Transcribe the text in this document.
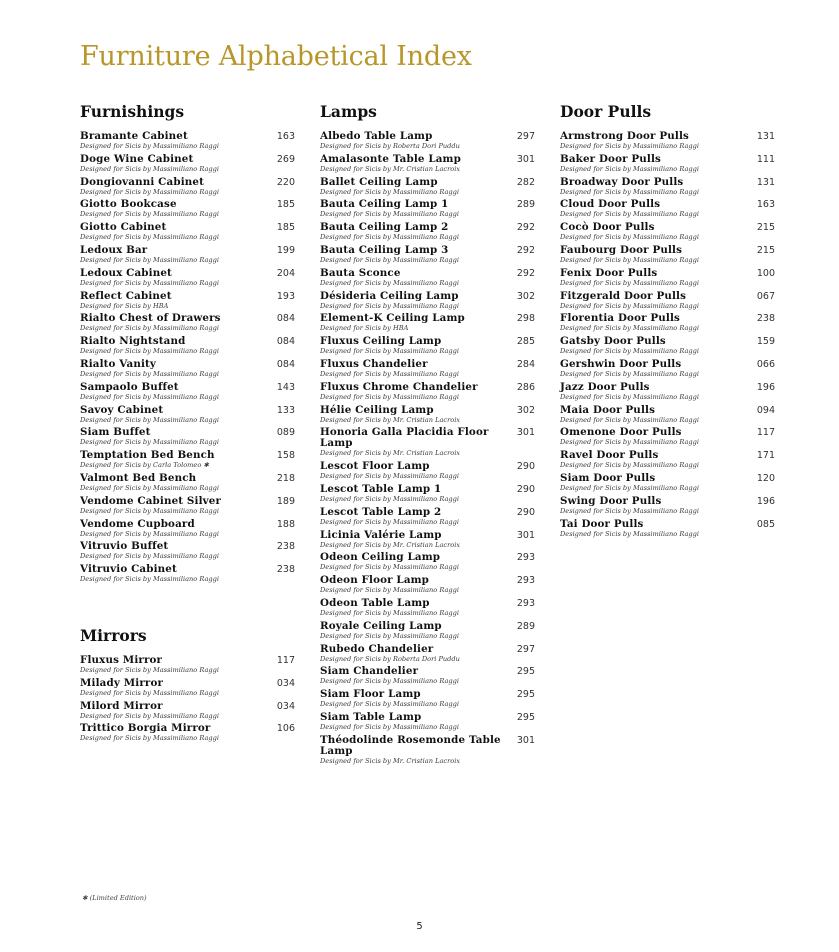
Furniture Alphabetical Index
Furnishings
Bramante Cabinet
Designed for Sicis by Massimiliano Raggi
163
Doge Wine Cabinet
Designed for Sicis by Massimiliano Raggi
269
Dongiovanni Cabinet
Designed for Sicis by Massimiliano Raggi
220
Giotto Bookcase
Designed for Sicis by Massimiliano Raggi
185
Giotto Cabinet
Designed for Sicis by Massimiliano Raggi
185
Ledoux Bar
Designed for Sicis by Massimiliano Raggi
199
Ledoux Cabinet
Designed for Sicis by Massimiliano Raggi
204
Reflect Cabinet
Designed for Sicis by HBA
193
Rialto Chest of Drawers
Designed for Sicis by Massimiliano Raggi
084
Rialto Nightstand
Designed for Sicis by Massimiliano Raggi
084
Rialto Vanity
Designed for Sicis by Massimiliano Raggi
084
Sampaolo Buffet
Designed for Sicis by Massimiliano Raggi
143
Savoy Cabinet
Designed for Sicis by Massimiliano Raggi
133
Siam Buffet
Designed for Sicis by Massimiliano Raggi
089
Temptation Bed Bench
Designed for Sicis by Carla Tolomeo ✱
158
Valmont Bed Bench
Designed for Sicis by Massimiliano Raggi
218
Vendome Cabinet Silver
Designed for Sicis by Massimiliano Raggi
189
Vendome Cupboard
Designed for Sicis by Massimiliano Raggi
188
Vitruvio Buffet
Designed for Sicis by Massimiliano Raggi
238
Vitruvio Cabinet
Designed for Sicis by Massimiliano Raggi
238
Mirrors
Fluxus Mirror
Designed for Sicis by Massimiliano Raggi
117
Milady Mirror
Designed for Sicis by Massimiliano Raggi
034
Milord Mirror
Designed for Sicis by Massimiliano Raggi
034
Trittico Borgia Mirror
Designed for Sicis by Massimiliano Raggi
106
Lamps
Albedo Table Lamp
Designed for Sicis by Roberta Dori Puddu
297
Amalasonte Table Lamp
Designed for Sicis by Mr. Cristian Lacroix
301
Ballet Ceiling Lamp
Designed for Sicis by Massimiliano Raggi
282
Bauta Ceiling Lamp 1
Designed for Sicis by Massimiliano Raggi
289
Bauta Ceiling Lamp 2
Designed for Sicis by Massimiliano Raggi
292
Bauta Ceiling Lamp 3
Designed for Sicis by Massimiliano Raggi
292
Bauta Sconce
Designed for Sicis by Massimiliano Raggi
292
Désideria Ceiling Lamp
Designed for Sicis by Massimiliano Raggi
302
Element-K Ceiling Lamp
Designed for Sicis by HBA
298
Fluxus Ceiling Lamp
Designed for Sicis by Massimiliano Raggi
285
Fluxus Chandelier
Designed for Sicis by Massimiliano Raggi
284
Fluxus Chrome Chandelier
Designed for Sicis by Massimiliano Raggi
286
Hélie Ceiling Lamp
Designed for Sicis by Mr. Cristian Lacroix
302
Honoria Galla Placidia Floor Lamp
Designed for Sicis by Mr. Cristian Lacroix
301
Lescot Floor Lamp
Designed for Sicis by Massimiliano Raggi
290
Lescot Table Lamp 1
Designed for Sicis by Massimiliano Raggi
290
Lescot Table Lamp 2
Designed for Sicis by Massimiliano Raggi
290
Licinia Valérie Lamp
Designed for Sicis by Mr. Cristian Lacroix
301
Odeon Ceiling Lamp
Designed for Sicis by Massimiliano Raggi
293
Odeon Floor Lamp
Designed for Sicis by Massimiliano Raggi
293
Odeon Table Lamp
Designed for Sicis by Massimiliano Raggi
293
Royale Ceiling Lamp
Designed for Sicis by Massimiliano Raggi
289
Rubedo Chandelier
Designed for Sicis by Roberta Dori Puddu
297
Siam Chandelier
Designed for Sicis by Massimiliano Raggi
295
Siam Floor Lamp
Designed for Sicis by Massimiliano Raggi
295
Siam Table Lamp
Designed for Sicis by Massimiliano Raggi
295
Théodolinde Rosemonde Table Lamp
Designed for Sicis by Mr. Cristian Lacroix
301
Door Pulls
Armstrong Door Pulls
Designed for Sicis by Massimiliano Raggi
131
Baker Door Pulls
Designed for Sicis by Massimiliano Raggi
111
Broadway Door Pulls
Designed for Sicis by Massimiliano Raggi
131
Cloud Door Pulls
Designed for Sicis by Massimiliano Raggi
163
Cocò Door Pulls
Designed for Sicis by Massimiliano Raggi
215
Faubourg Door Pulls
Designed for Sicis by Massimiliano Raggi
215
Fenix Door Pulls
Designed for Sicis by Massimiliano Raggi
100
Fitzgerald Door Pulls
Designed for Sicis by Massimiliano Raggi
067
Florentia Door Pulls
Designed for Sicis by Massimiliano Raggi
238
Gatsby Door Pulls
Designed for Sicis by Massimiliano Raggi
159
Gershwin Door Pulls
Designed for Sicis by Massimiliano Raggi
066
Jazz Door Pulls
Designed for Sicis by Massimiliano Raggi
196
Maia Door Pulls
Designed for Sicis by Massimiliano Raggi
094
Omenone Door Pulls
Designed for Sicis by Massimiliano Raggi
117
Ravel Door Pulls
Designed for Sicis by Massimiliano Raggi
171
Siam Door Pulls
Designed for Sicis by Massimiliano Raggi
120
Swing Door Pulls
Designed for Sicis by Massimiliano Raggi
196
Tai Door Pulls
Designed for Sicis by Massimiliano Raggi
085
✱ (Limited Edition)
5
